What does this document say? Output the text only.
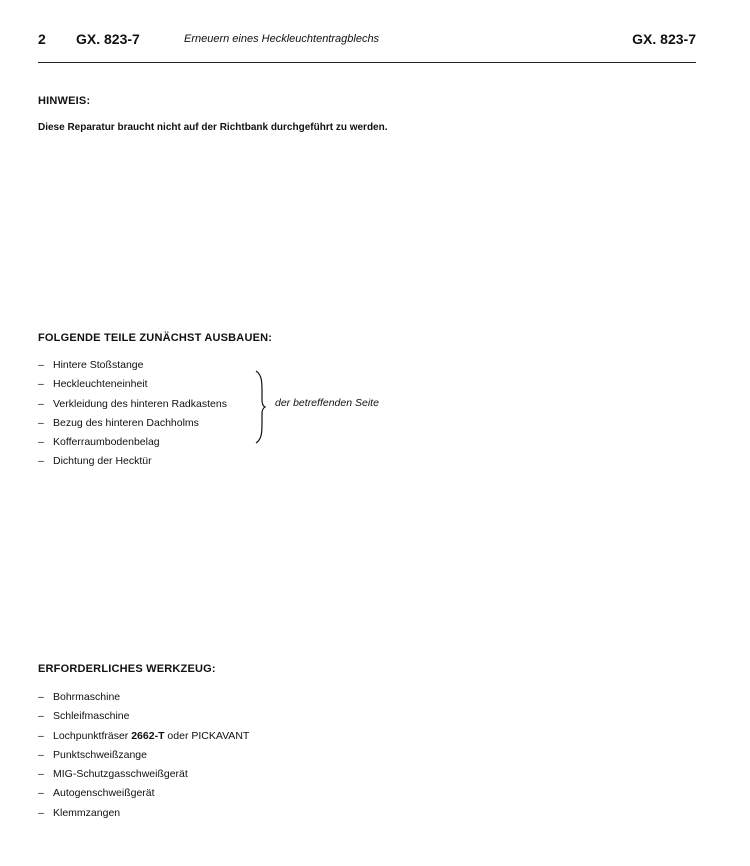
2 GX. 823-7	Erneuern eines Heckleuchtentragblechs	GX. 823-7
HINWEIS:
Diese Reparatur braucht nicht auf der Richtbank durchgeführt zu werden.
FOLGENDE TEILE ZUNÄCHST AUSBAUEN:
– Hintere Stoßstange
– Heckleuchteneinheit
– Verkleidung des hinteren Radkastens
– Bezug des hinteren Dachholms
– Kofferraumbodenbelag
– Dichtung der Hecktür
der betreffenden Seite
ERFORDERLICHES WERKZEUG:
– Bohrmaschine
– Schleifmaschine
– Lochpunktfräser 2662-T oder PICKAVANT
– Punktschweißzange
– MIG-Schutzgasschweißgerät
– Autogenschweißgerät
– Klemmzangen
